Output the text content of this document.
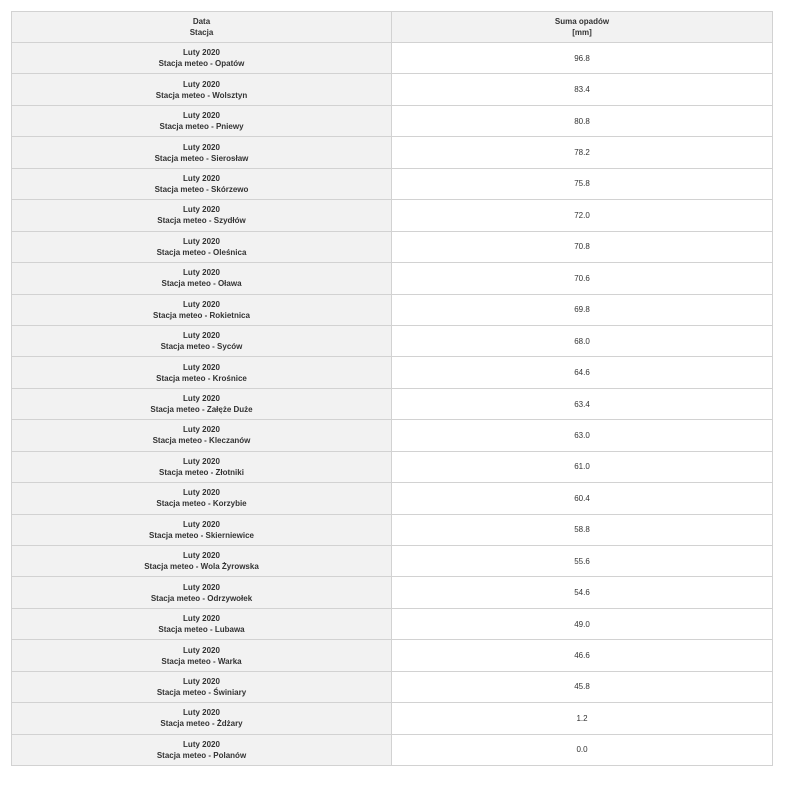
Data
Stacja	Suma opadów
[mm]

Luty 2020
Stacja meteo - Opatów	96.8

Luty 2020
Stacja meteo - Wolsztyn	83.4

Luty 2020
Stacja meteo - Pniewy	80.8

Luty 2020
Stacja meteo - Sierosław	78.2

Luty 2020
Stacja meteo - Skórzewo	75.8

Luty 2020
Stacja meteo - Szydłów	72.0

Luty 2020
Stacja meteo - Oleśnica	70.8

Luty 2020
Stacja meteo - Oława	70.6

Luty 2020
Stacja meteo - Rokietnica	69.8

Luty 2020
Stacja meteo - Syców	68.0

Luty 2020
Stacja meteo - Krośnice	64.6

Luty 2020
Stacja meteo - Załęże Duże	63.4

Luty 2020
Stacja meteo - Kleczanów	63.0

Luty 2020
Stacja meteo - Złotniki	61.0

Luty 2020
Stacja meteo - Korzybie	60.4

Luty 2020
Stacja meteo - Skierniewice	58.8

Luty 2020
Stacja meteo - Wola Żyrowska	55.6

Luty 2020
Stacja meteo - Odrzywołek	54.6

Luty 2020
Stacja meteo - Lubawa	49.0

Luty 2020
Stacja meteo - Warka	46.6

Luty 2020
Stacja meteo - Świniary	45.8

Luty 2020
Stacja meteo - Żdżary	1.2

Luty 2020
Stacja meteo - Polanów	0.0
